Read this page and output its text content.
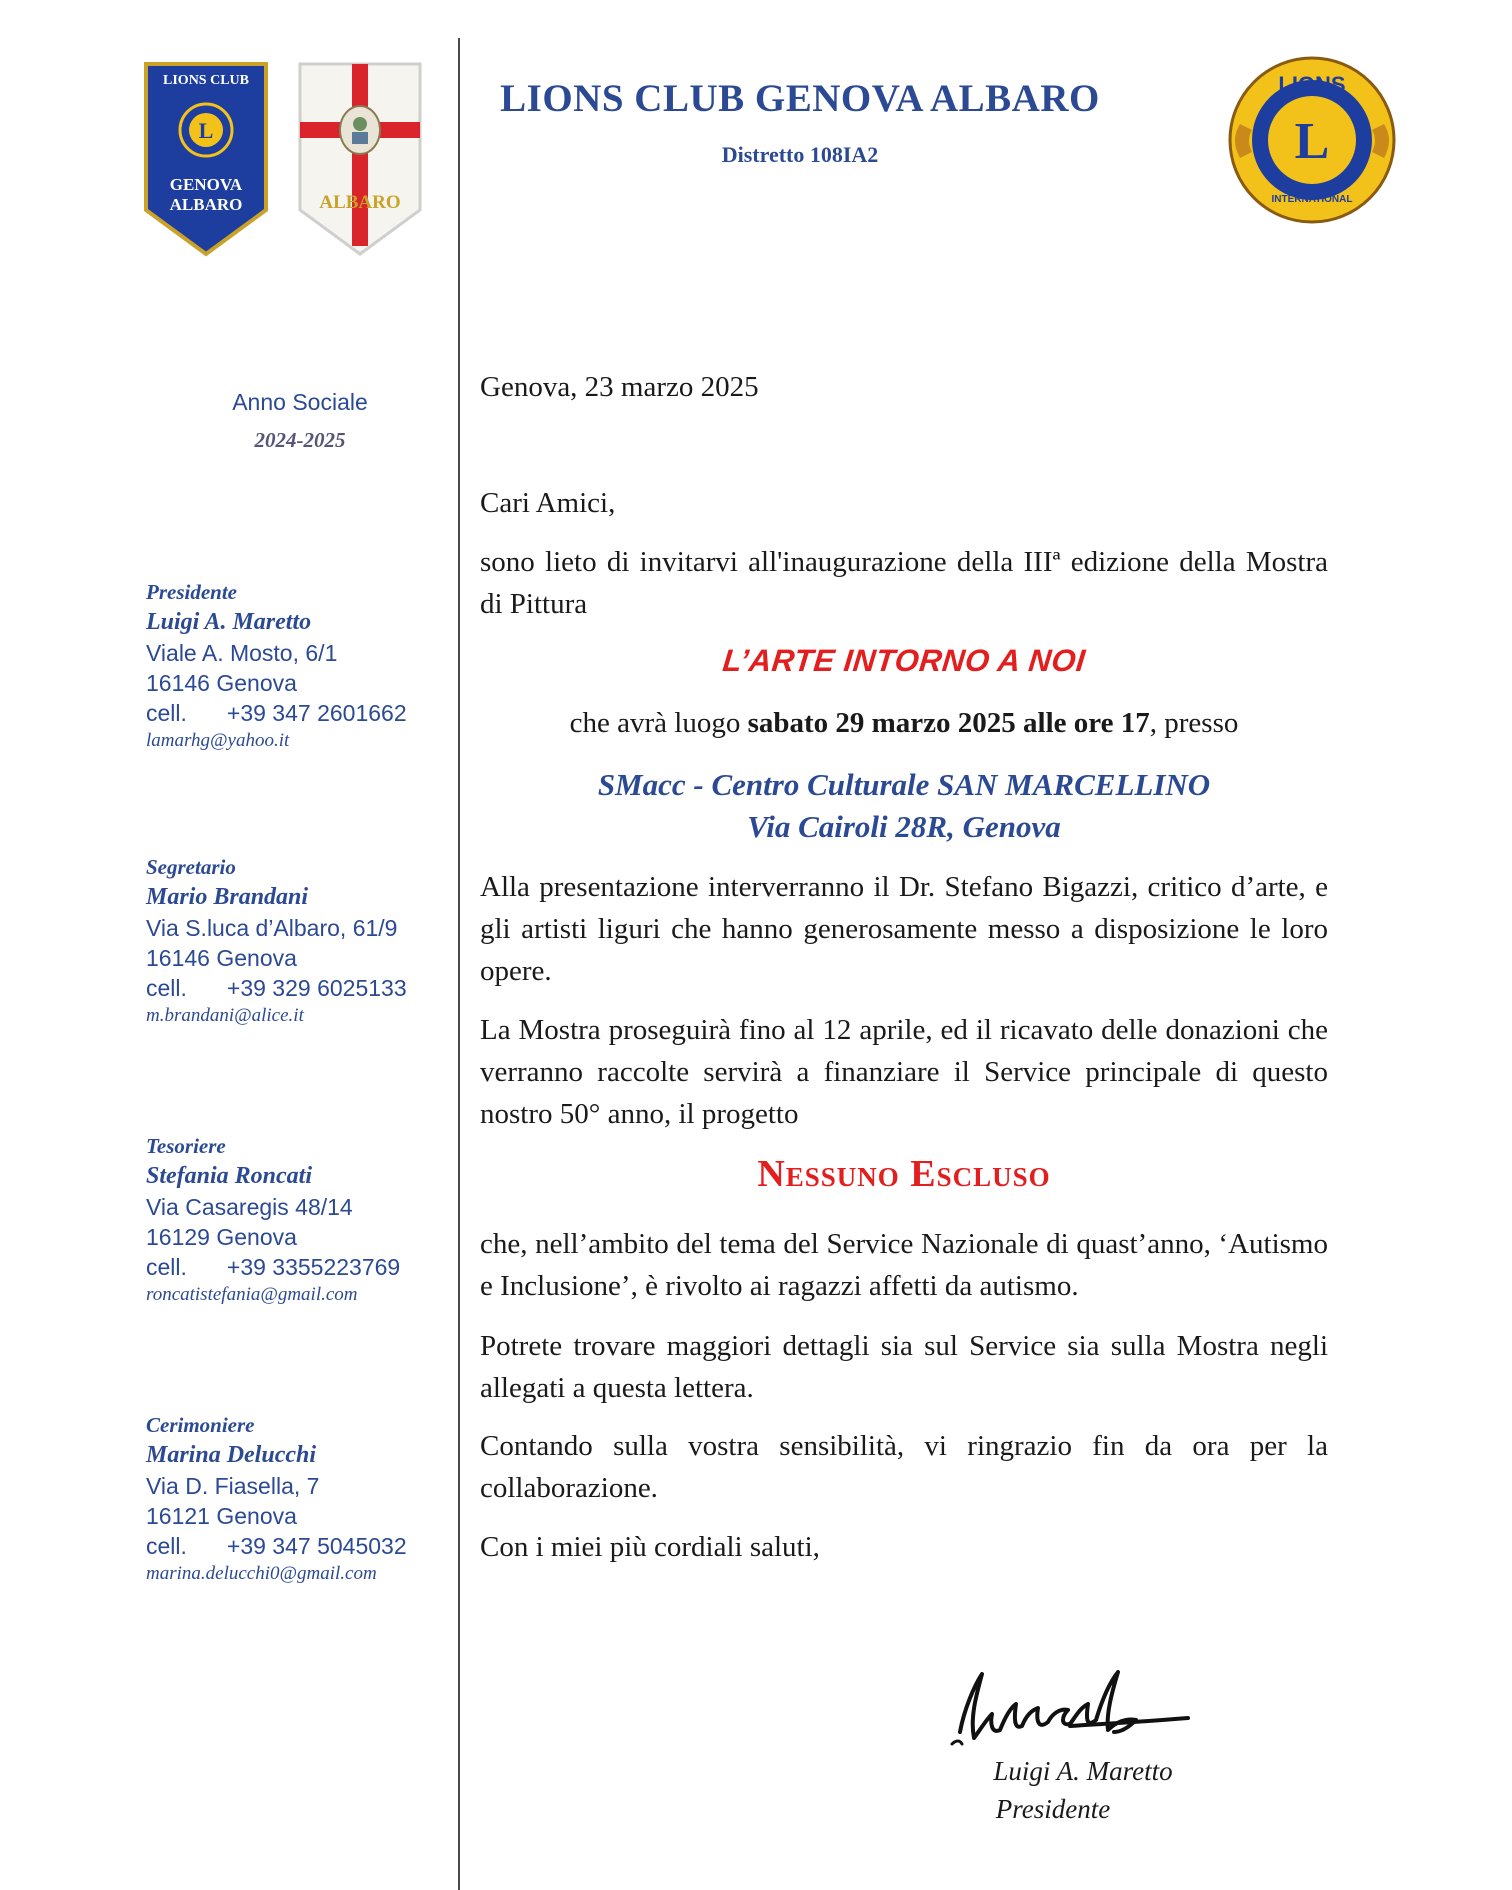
LIONS CLUB
L
GENOVA
ALBARO	ALBARO
LIONS CLUB GENOVA ALBARO
Distretto 108IA2	L
LIONS
INTERNATIONAL
Anno Sociale
2024-2025
Presidente
Luigi A. Maretto
Viale A. Mosto, 6/1
16146 Genova
cell. +39 347 2601662
lamarhg@yahoo.it
Segretario
Mario Brandani
Via S.luca d’Albaro, 61/9
16146 Genova
cell. +39 329 6025133
m.brandani@alice.it
Tesoriere
Stefania Roncati
Via Casaregis 48/14
16129 Genova
cell. +39 3355223769
roncatistefania@gmail.com
Cerimoniere
Marina Delucchi
Via D. Fiasella, 7
16121 Genova
cell. +39 347 5045032
marina.delucchi0@gmail.com
Genova, 23 marzo 2025
Cari Amici,
sono lieto di invitarvi all'inaugurazione della IIIª edizione della Mostra di Pittura
L’ARTE INTORNO A NOI
che avrà luogo sabato 29 marzo 2025 alle ore 17, presso
SMacc - Centro Culturale SAN MARCELLINO
Via Cairoli 28R, Genova
Alla presentazione interverranno il Dr. Stefano Bigazzi, critico d’arte, e gli artisti liguri che hanno generosamente messo a disposizione le loro opere.
La Mostra proseguirà fino al 12 aprile, ed il ricavato delle donazioni che verranno raccolte servirà a finanziare il Service principale di questo nostro 50° anno, il progetto
Nessuno Escluso
che, nell’ambito del tema del Service Nazionale di quast’anno, ‘Autismo e Inclusione’, è rivolto ai ragazzi affetti da autismo.
Potrete trovare maggiori dettagli sia sul Service sia sulla Mostra negli allegati a questa lettera.
Contando sulla vostra sensibilità, vi ringrazio fin da ora per la collaborazione.
Con i miei più cordiali saluti,
Luigi A. Maretto
Presidente
